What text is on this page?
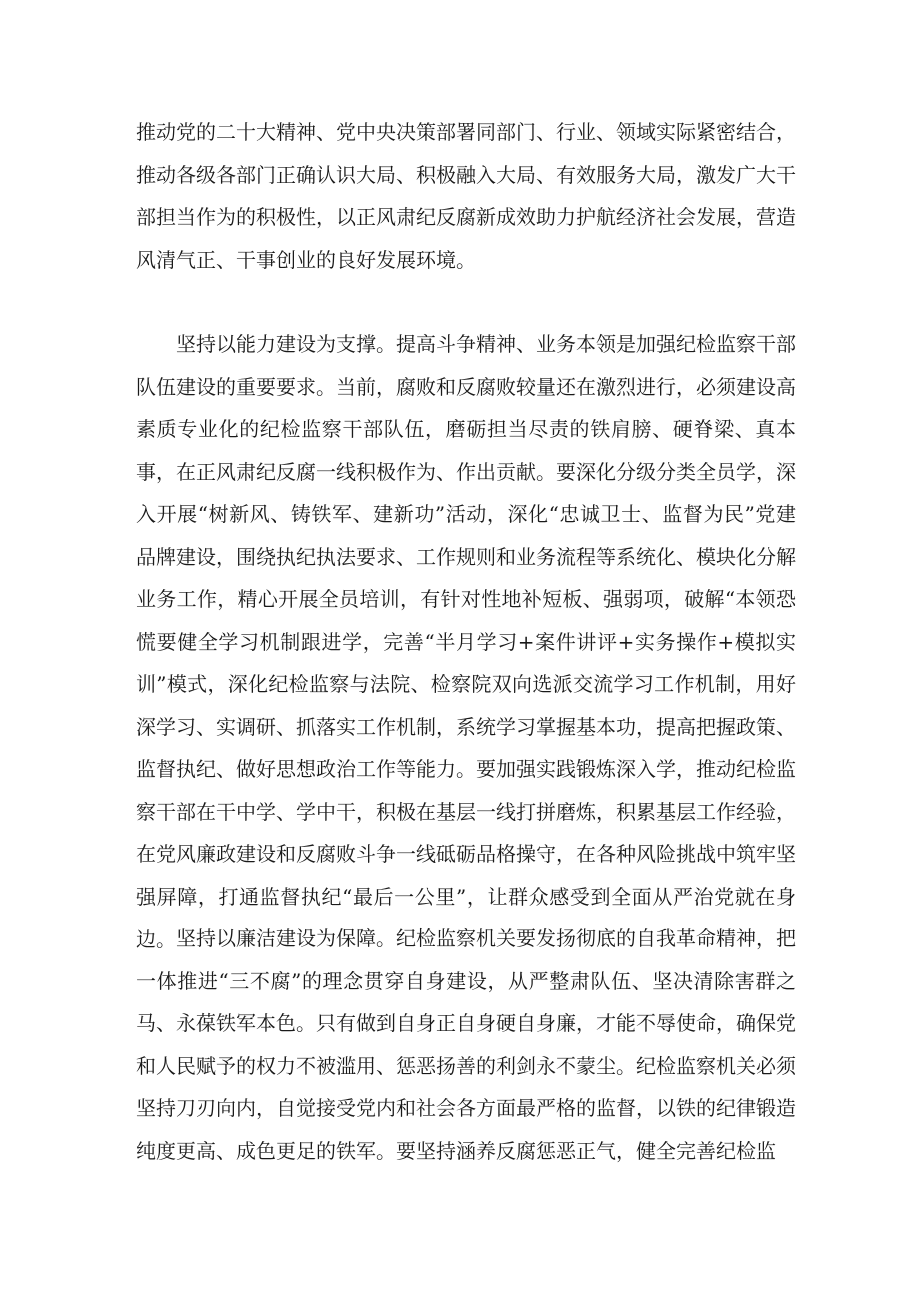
推动党的二十大精神、党中央决策部署同部门、行业、领域实际紧密结合，推动各级各部门正确认识大局、积极融入大局、有效服务大局，激发广大干部担当作为的积极性，以正风肃纪反腐新成效助力护航经济社会发展，营造风清气正、干事创业的良好发展环境。

坚持以能力建设为支撑。提高斗争精神、业务本领是加强纪检监察干部队伍建设的重要要求。当前，腐败和反腐败较量还在激烈进行，必须建设高素质专业化的纪检监察干部队伍，磨砺担当尽责的铁肩膀、硬脊梁、真本事，在正风肃纪反腐一线积极作为、作出贡献。要深化分级分类全员学，深入开展“树新风、铸铁军、建新功”活动，深化“忠诚卫士、监督为民”党建品牌建设，围绕执纪执法要求、工作规则和业务流程等系统化、模块化分解业务工作，精心开展全员培训，有针对性地补短板、强弱项，破解“本领恐慌要健全学习机制跟进学，完善“半月学习+案件讲评+实务操作+模拟实训”模式，深化纪检监察与法院、检察院双向选派交流学习工作机制，用好深学习、实调研、抓落实工作机制，系统学习掌握基本功，提高把握政策、监督执纪、做好思想政治工作等能力。要加强实践锻炼深入学，推动纪检监察干部在干中学、学中干，积极在基层一线打拼磨炼，积累基层工作经验，在党风廉政建设和反腐败斗争一线砥砺品格操守，在各种风险挑战中筑牢坚强屏障，打通监督执纪“最后一公里”，让群众感受到全面从严治党就在身边。 坚持以廉洁建设为保障。纪检监察机关要发扬彻底的自我革命精神，把一体推进“三不腐”的理念贯穿自身建设，从严整肃队伍、坚决清除害群之马、永葆铁军本色。只有做到自身正自身硬自身廉，才能不辱使命，确保党和人民赋予的权力不被滥用、惩恶扬善的利剑永不蒙尘。纪检监察机关必须坚持刀刃向内，自觉接受党内和社会各方面最严格的监督，以铁的纪律锻造纯度更高、成色更足的铁军。要坚持涵养反腐惩恶正气，健全完善纪检监
